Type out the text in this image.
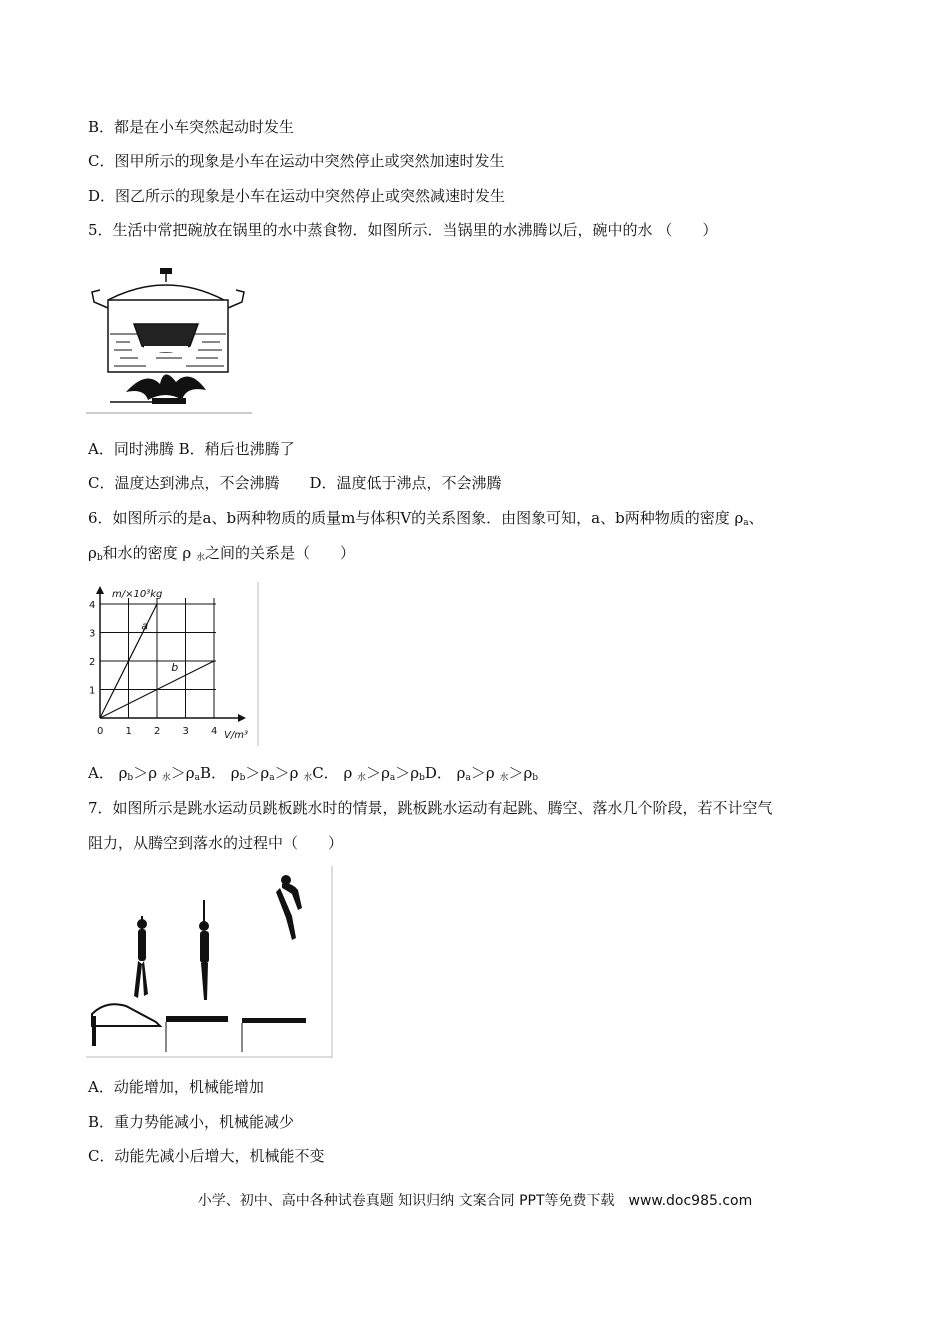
B．都是在小车突然起动时发生
C．图甲所示的现象是小车在运动中突然停止或突然加速时发生
D．图乙所示的现象是小车在运动中突然停止或突然减速时发生
5．生活中常把碗放在锅里的水中蒸食物．如图所示．当锅里的水沸腾以后，碗中的水 （　　）
A．同时沸腾 B．稍后也沸腾了
C．温度达到沸点，不会沸腾　　D．温度低于沸点，不会沸腾
6．如图所示的是a、b两种物质的质量m与体积V的关系图象．由图象可知，a、b两种物质的密度 $\rho_a$、
$\rho_b$和水的密度 ρ $_水$之间的关系是（　　）
a
b
0 1 2 3 4
1
2
3
4
m/×10³kg
V/m³
A． $\rho_b>\rho$ $_水>\rho_aB$． $\rho_b>\rho_a>\rho$ $_水$C． ρ $_水>\rho_a>\rho_bD$． $\rho_a>\rho$ $_水>\rho_b$
7．如图所示是跳水运动员跳板跳水时的情景，跳板跳水运动有起跳、腾空、落水几个阶段，若不计空气
阻力，从腾空到落水的过程中（　　）
A．动能增加，机械能增加
B．重力势能减小，机械能减少
C．动能先减小后增大，机械能不变
小学、初中、高中各种试卷真题 知识归纳 文案合同 PPT等免费下载　www.doc985.com
